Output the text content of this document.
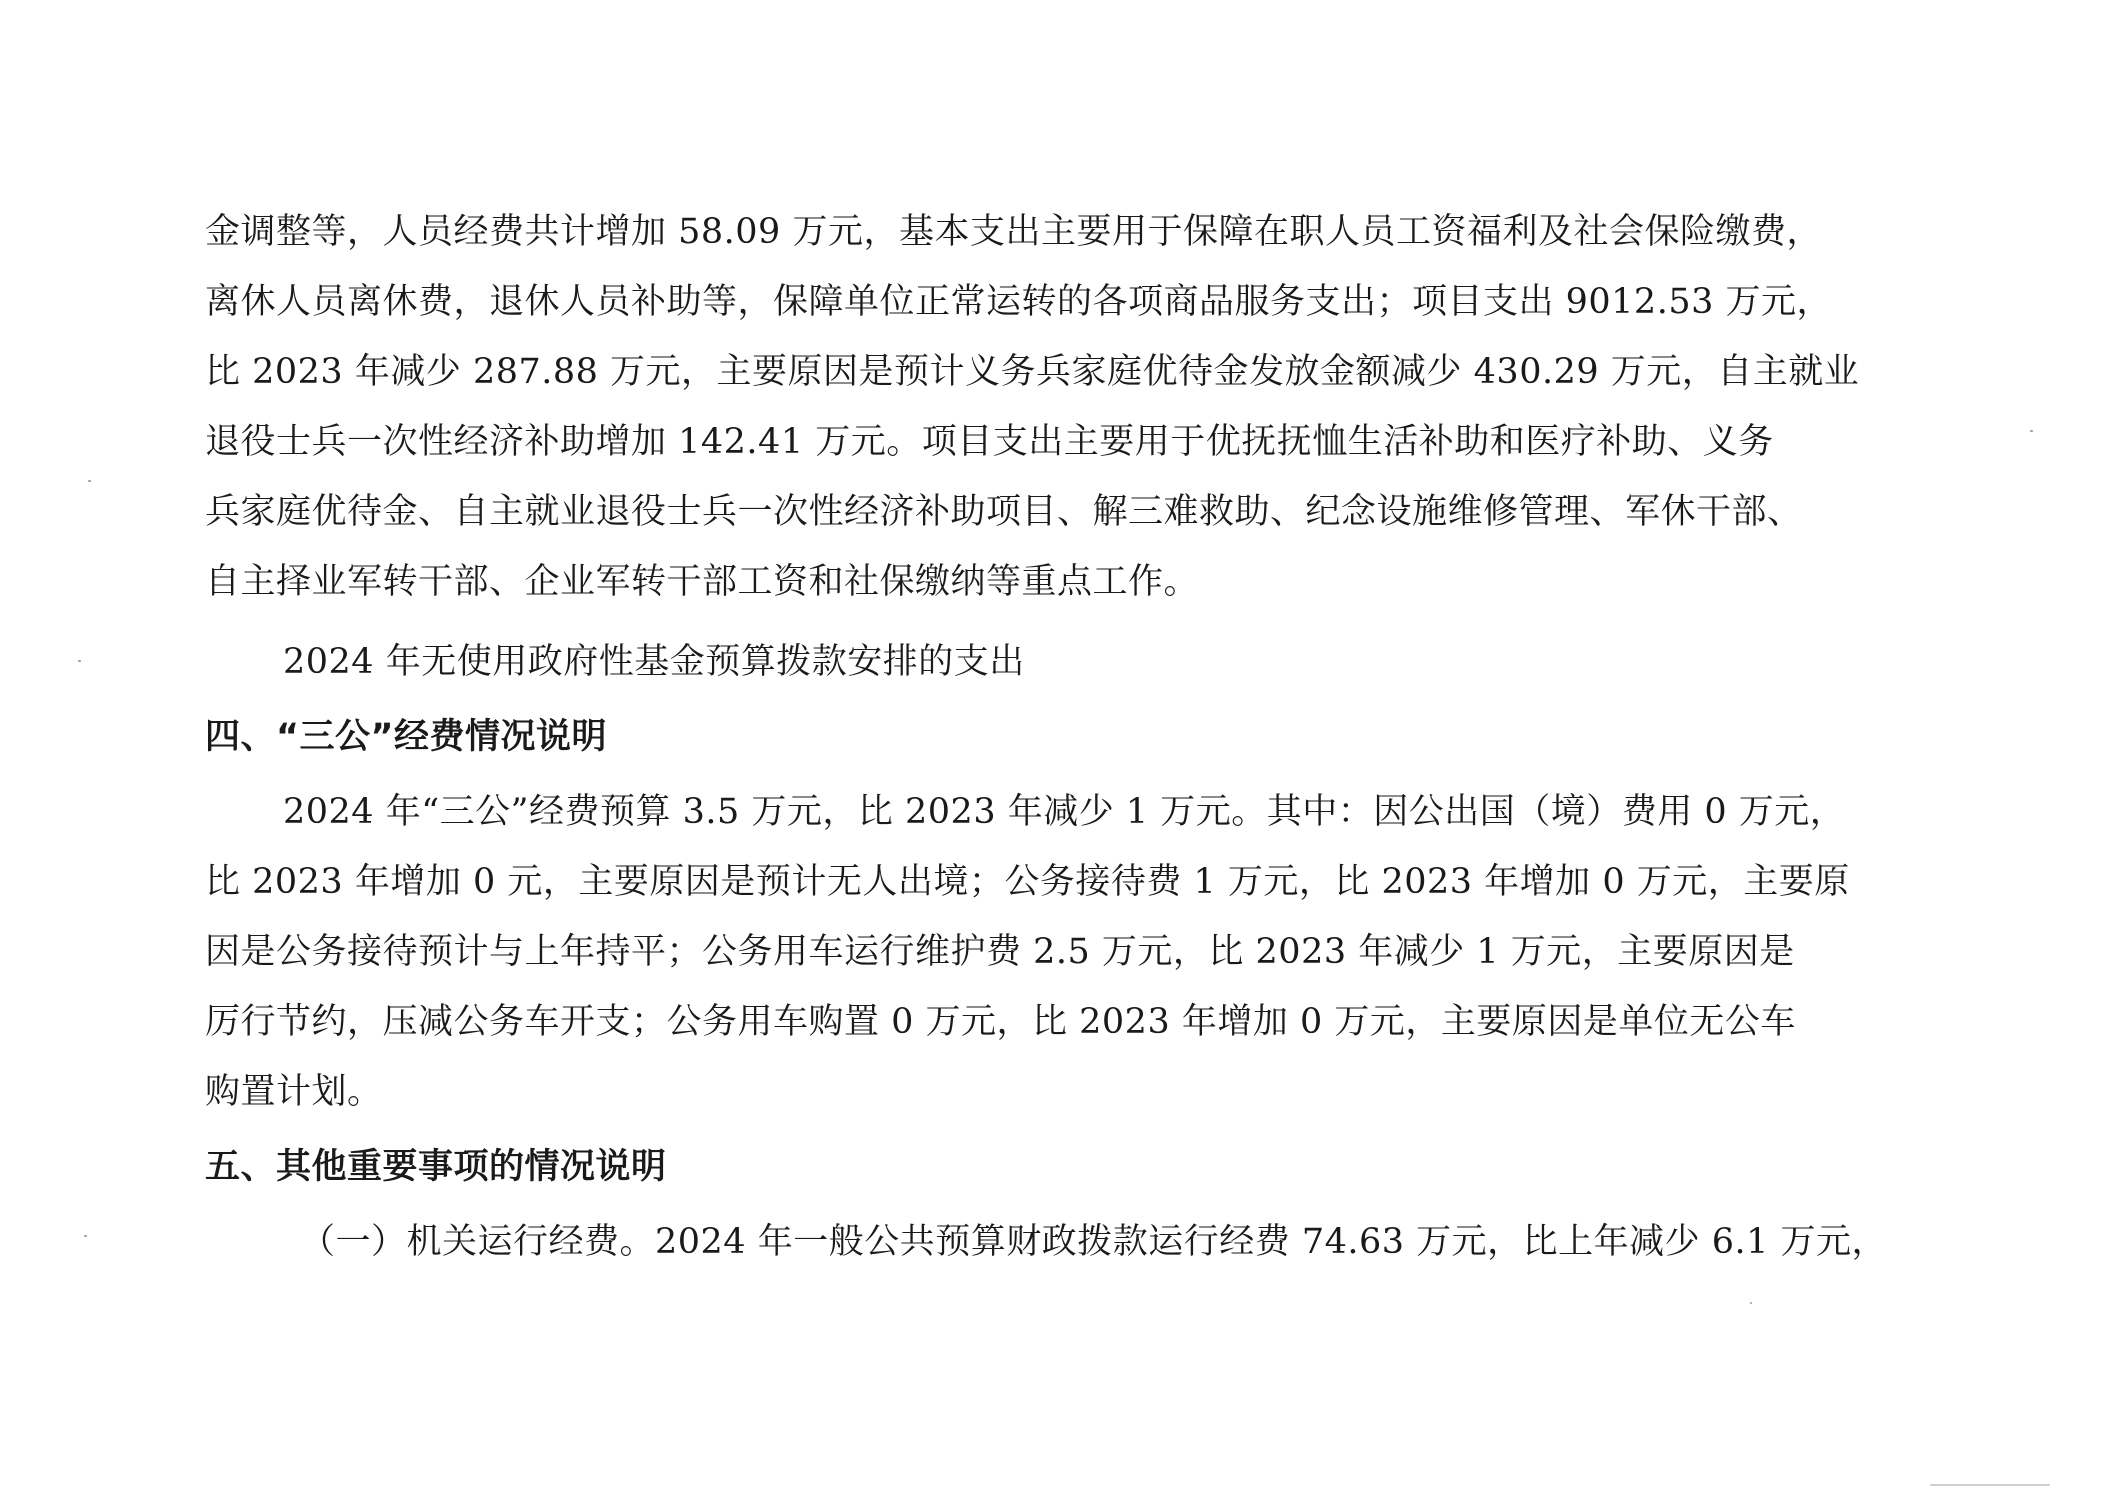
金调整等，人员经费共计增加 58.09 万元，基本支出主要用于保障在职人员工资福利及社会保险缴费，
离休人员离休费，退休人员补助等，保障单位正常运转的各项商品服务支出；项目支出 9012.53 万元，
比 2023 年减少 287.88 万元，主要原因是预计义务兵家庭优待金发放金额减少 430.29 万元，自主就业
退役士兵一次性经济补助增加 142.41 万元。项目支出主要用于优抚抚恤生活补助和医疗补助、义务
兵家庭优待金、自主就业退役士兵一次性经济补助项目、解三难救助、纪念设施维修管理、军休干部、
自主择业军转干部、企业军转干部工资和社保缴纳等重点工作。
2024 年无使用政府性基金预算拨款安排的支出
四、“三公”经费情况说明
2024 年“三公”经费预算 3.5 万元，比 2023 年减少 1 万元。其中：因公出国（境）费用 0 万元，
比 2023 年增加 0 元，主要原因是预计无人出境；公务接待费 1 万元，比 2023 年增加 0 万元，主要原
因是公务接待预计与上年持平；公务用车运行维护费 2.5 万元，比 2023 年减少 1 万元，主要原因是
厉行节约，压减公务车开支；公务用车购置 0 万元，比 2023 年增加 0 万元，主要原因是单位无公车
购置计划。
五、其他重要事项的情况说明
（一）机关运行经费。2024 年一般公共预算财政拨款运行经费 74.63 万元，比上年减少 6.1 万元，
